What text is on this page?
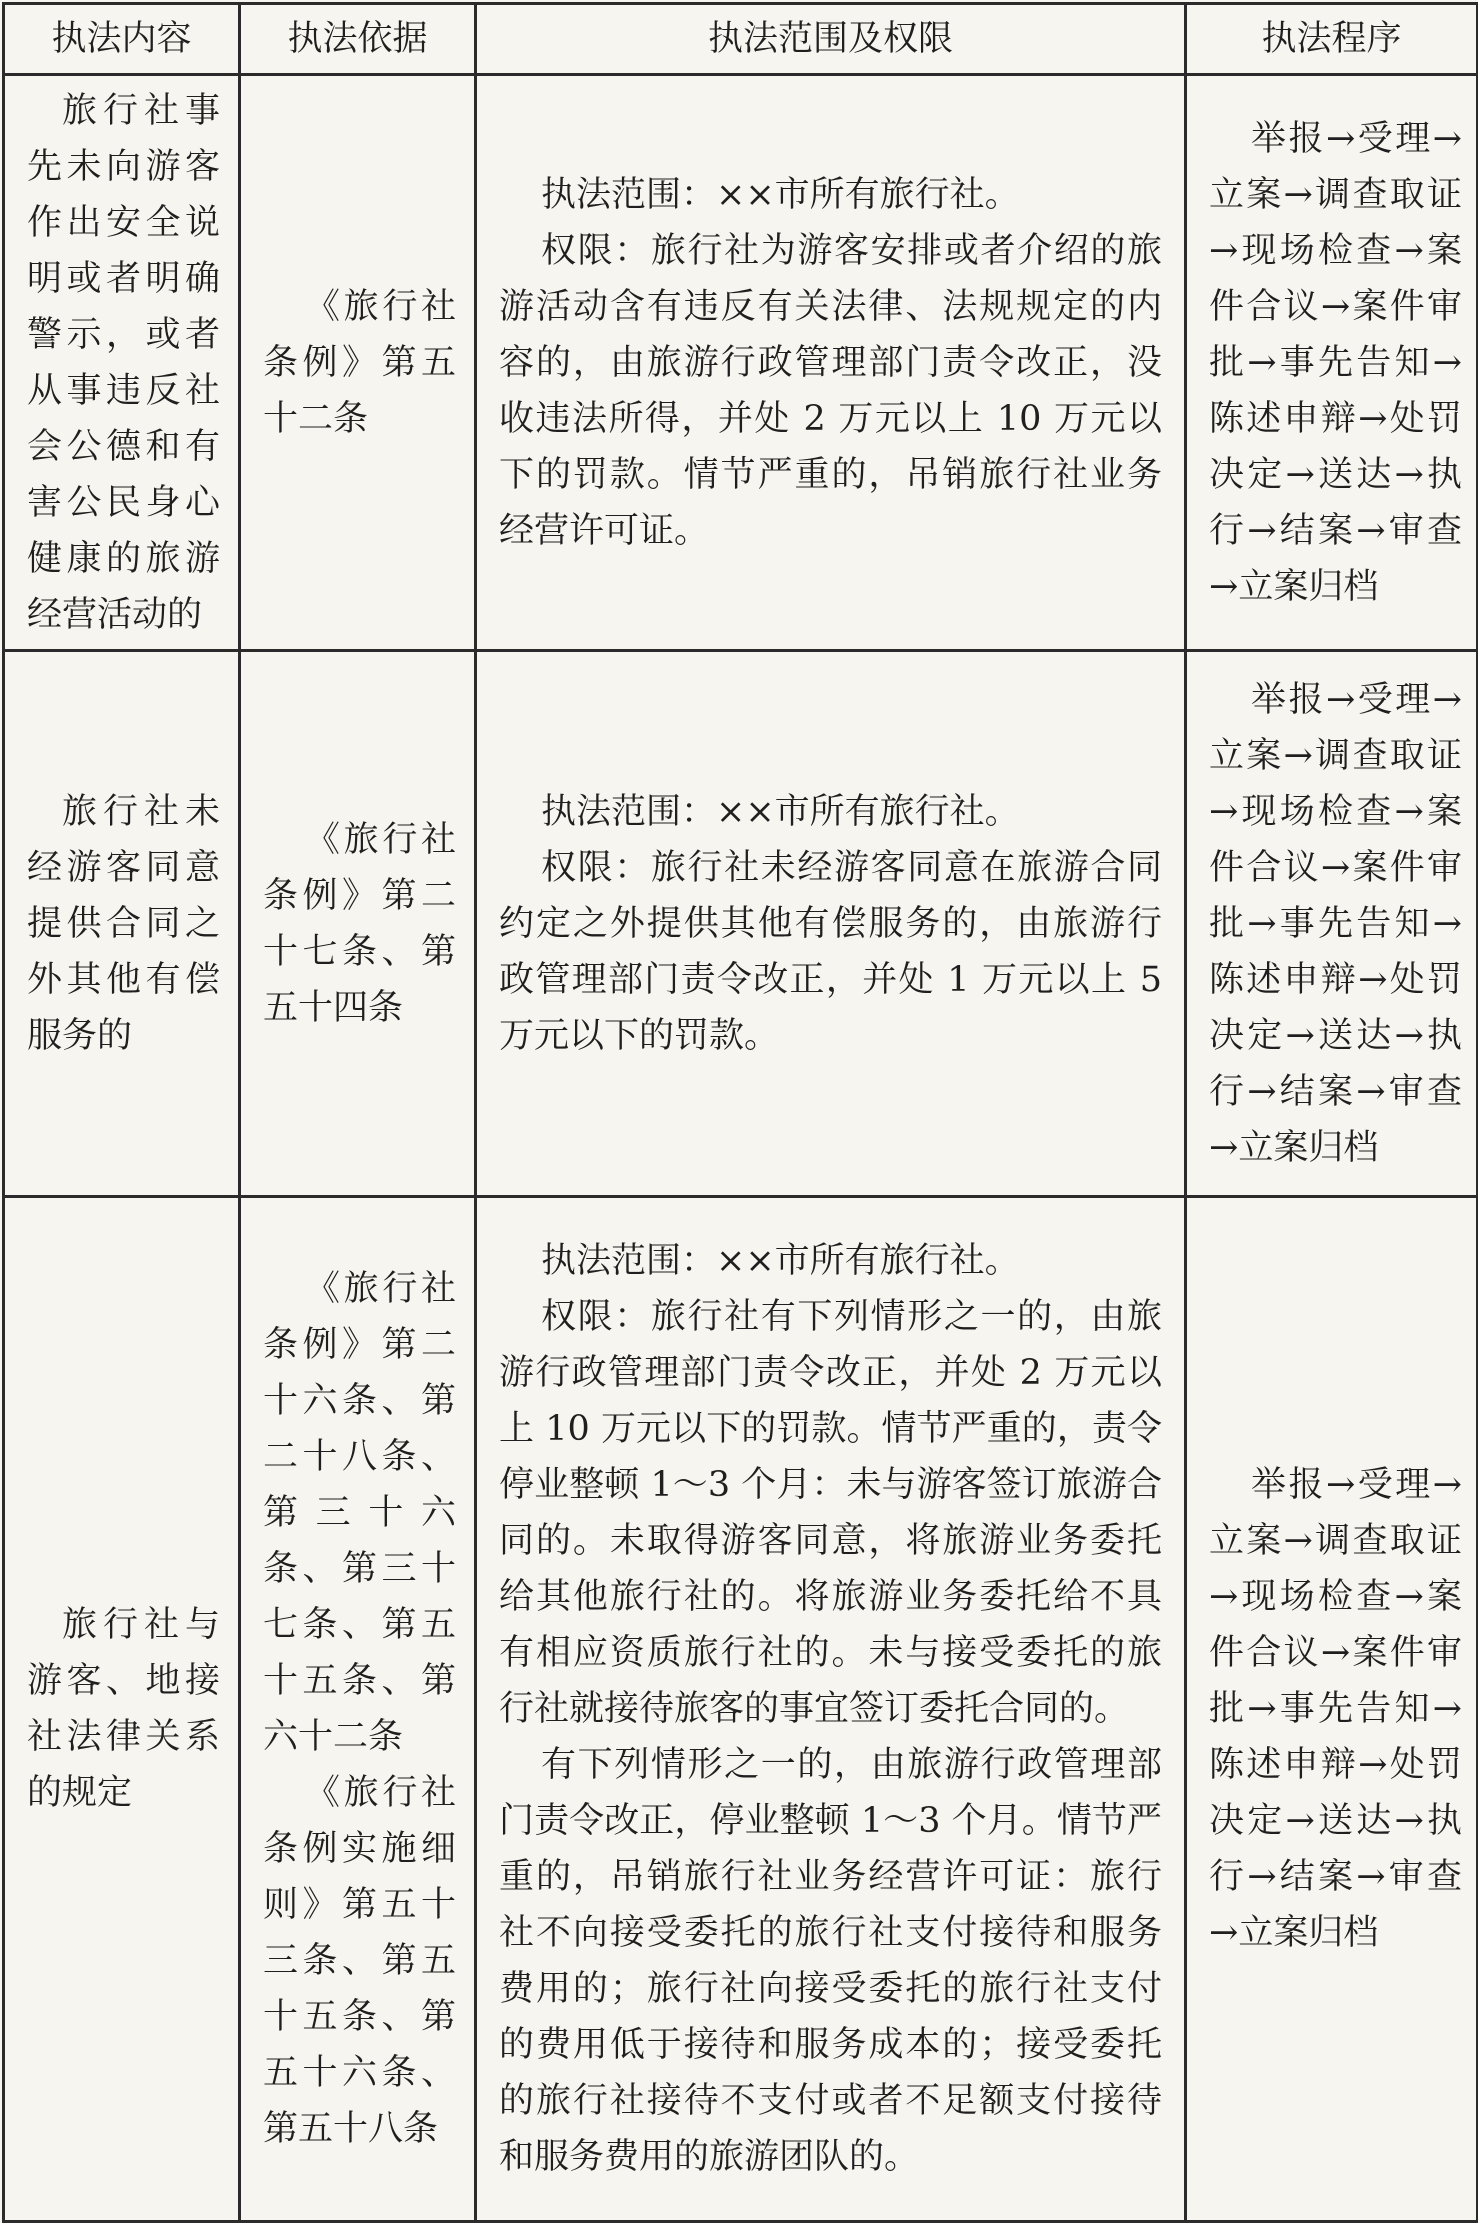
执法内容	执法依据	执法范围及权限	执法程序

旅行社事先未向游客作出安全说明或者明确警示，或者从事违反社会公德和有害公民身心健康的旅游经营活动的	《旅行社条例》第五十二条	执法范围：××市所有旅行社。
权限：旅行社为游客安排或者介绍的旅游活动含有违反有关法律、法规规定的内容的，由旅游行政管理部门责令改正，没收违法所得，并处 2 万元以上 10 万元以下的罚款。情节严重的，吊销旅行社业务经营许可证。	举报→受理→立案→调查取证→现场检查→案件合议→案件审批→事先告知→陈述申辩→处罚决定→送达→执行→结案→审查→立案归档

旅行社未经游客同意提供合同之外其他有偿服务的	《旅行社条例》第二十七条、第五十四条	执法范围：××市所有旅行社。
权限：旅行社未经游客同意在旅游合同约定之外提供其他有偿服务的，由旅游行政管理部门责令改正，并处 1 万元以上 5 万元以下的罚款。	举报→受理→立案→调查取证→现场检查→案件合议→案件审批→事先告知→陈述申辩→处罚决定→送达→执行→结案→审查→立案归档

旅行社与游客、地接社法律关系的规定	《旅行社条例》第二十六条、第二十八条、第三十六条、第三十七条、第五十五条、第六十二条
《旅行社条例实施细则》第五十三条、第五十五条、第五十六条、第五十八条	执法范围：××市所有旅行社。
权限：旅行社有下列情形之一的，由旅游行政管理部门责令改正，并处 2 万元以上 10 万元以下的罚款。情节严重的，责令停业整顿 1～3 个月：未与游客签订旅游合同的。未取得游客同意，将旅游业务委托给其他旅行社的。将旅游业务委托给不具有相应资质旅行社的。未与接受委托的旅行社就接待旅客的事宜签订委托合同的。
有下列情形之一的，由旅游行政管理部门责令改正，停业整顿 1～3 个月。情节严重的，吊销旅行社业务经营许可证：旅行社不向接受委托的旅行社支付接待和服务费用的；旅行社向接受委托的旅行社支付的费用低于接待和服务成本的；接受委托的旅行社接待不支付或者不足额支付接待和服务费用的旅游团队的。	举报→受理→立案→调查取证→现场检查→案件合议→案件审批→事先告知→陈述申辩→处罚决定→送达→执行→结案→审查→立案归档
